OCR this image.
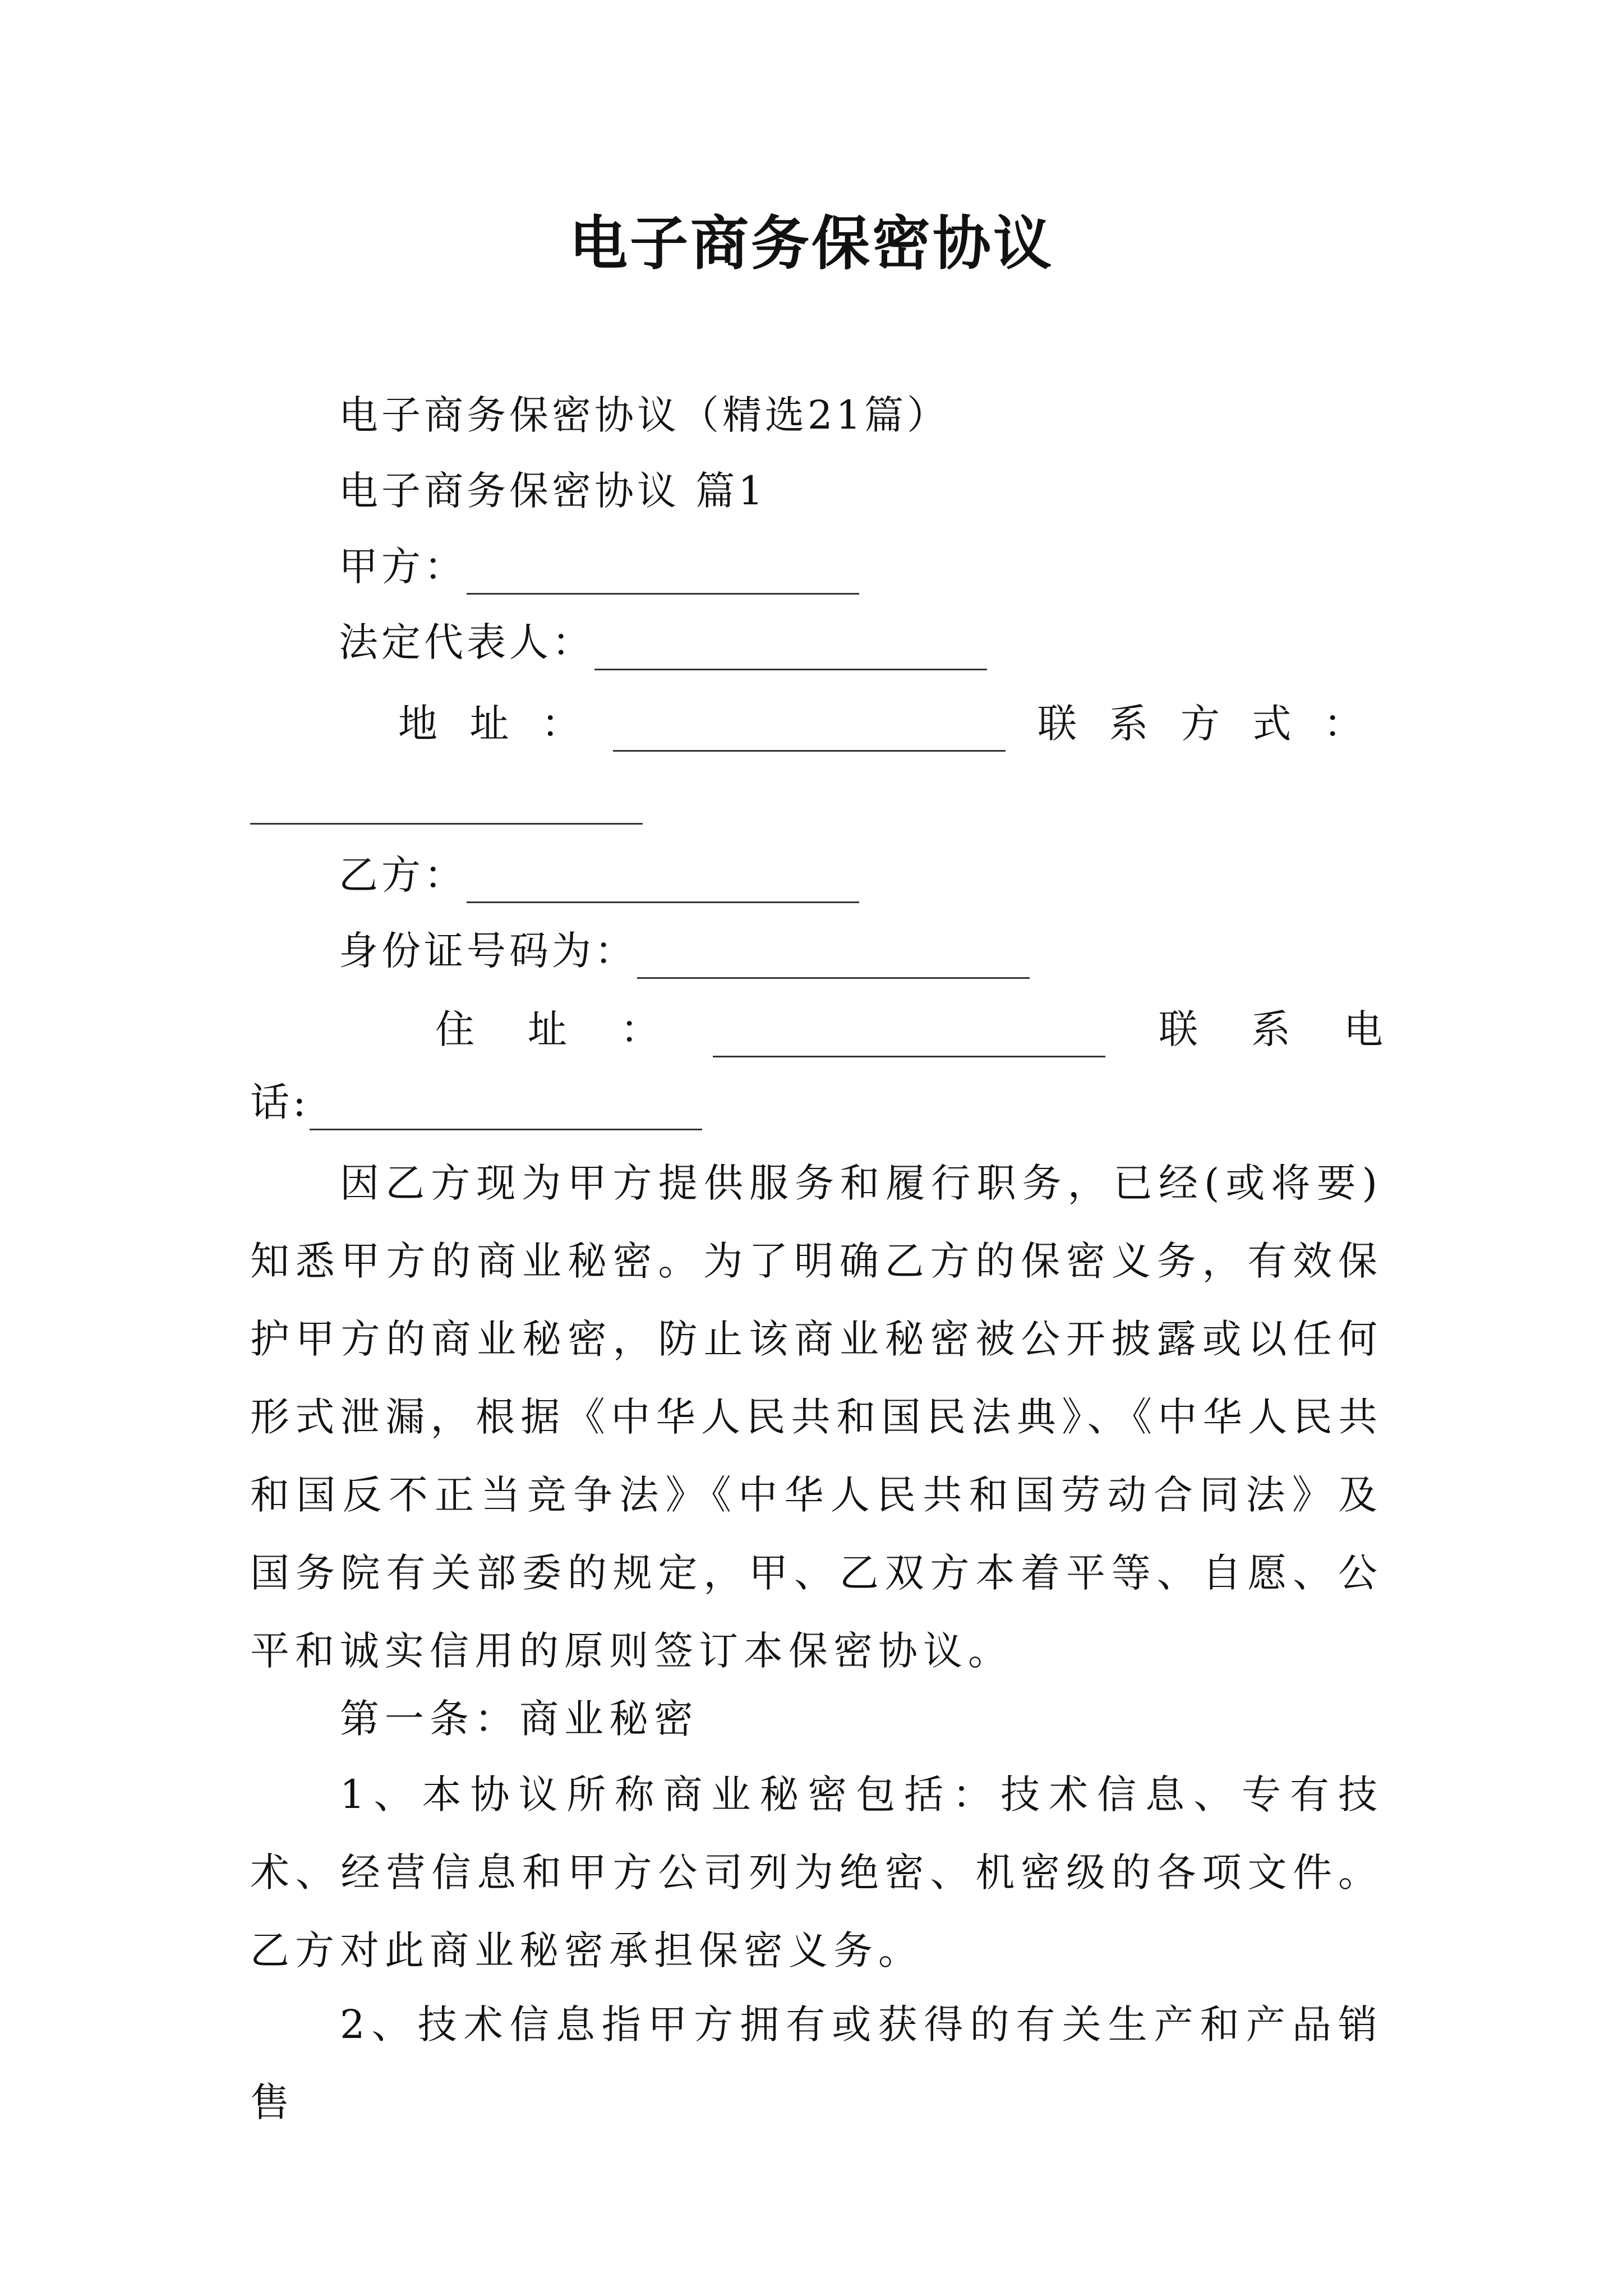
电子商务保密协议
电子商务保密协议（精选21篇）
电子商务保密协议 篇1
甲方：
法定代表人：
地 址 ：	联 系 方 式 ：
乙方：
身份证号码为：
住 址 ：	联 系 电
话:
因乙方现为甲方提供服务和履行职务，已经(或将要)知悉甲方的商业秘密。为了明确乙方的保密义务，有效保护甲方的商业秘密，防止该商业秘密被公开披露或以任何形式泄漏，根据《中华人民共和国民法典》、《中华人民共和国反不正当竞争法》《中华人民共和国劳动合同法》及国务院有关部委的规定，甲、乙双方本着平等、自愿、公平和诚实信用的原则签订本保密协议。
第一条：商业秘密
1、本协议所称商业秘密包括：技术信息、专有技术、经营信息和甲方公司列为绝密、机密级的各项文件。乙方对此商业秘密承担保密义务。
2、技术信息指甲方拥有或获得的有关生产和产品销售
